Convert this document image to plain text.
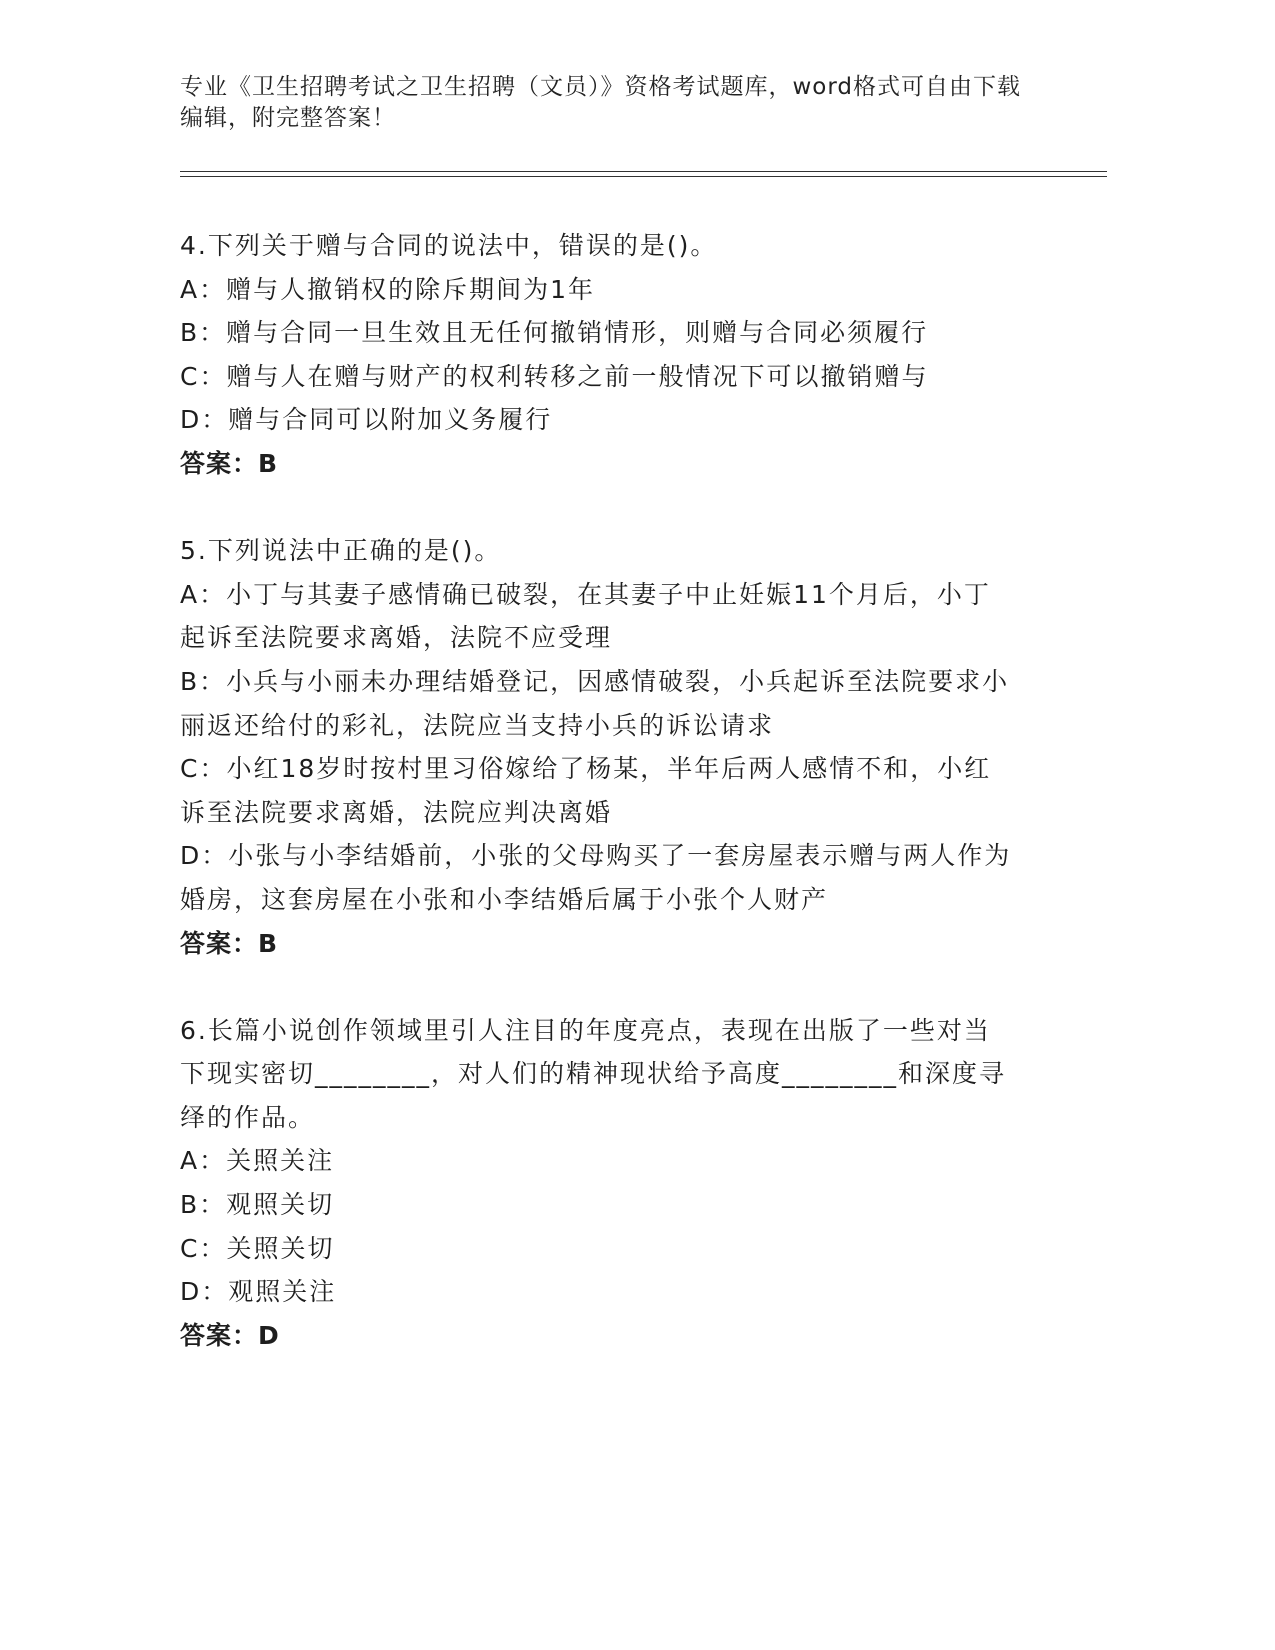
专业《卫生招聘考试之卫生招聘（文员）》资格考试题库，word格式可自由下载

编辑，附完整答案！

4.下列关于赠与合同的说法中，错误的是()。

A：赠与人撤销权的除斥期间为1年

B：赠与合同一旦生效且无任何撤销情形，则赠与合同必须履行

C：赠与人在赠与财产的权利转移之前一般情况下可以撤销赠与

D：赠与合同可以附加义务履行

答案：B

5.下列说法中正确的是()。

A：小丁与其妻子感情确已破裂，在其妻子中止妊娠11个月后，小丁

起诉至法院要求离婚，法院不应受理

B：小兵与小丽未办理结婚登记，因感情破裂，小兵起诉至法院要求小

丽返还给付的彩礼，法院应当支持小兵的诉讼请求

C：小红18岁时按村里习俗嫁给了杨某，半年后两人感情不和，小红

诉至法院要求离婚，法院应判决离婚

D：小张与小李结婚前，小张的父母购买了一套房屋表示赠与两人作为

婚房，这套房屋在小张和小李结婚后属于小张个人财产

答案：B

6.长篇小说创作领域里引人注目的年度亮点，表现在出版了一些对当

下现实密切________，对人们的精神现状给予高度________和深度寻

绎的作品。

A：关照关注

B：观照关切

C：关照关切

D：观照关注

答案：D
